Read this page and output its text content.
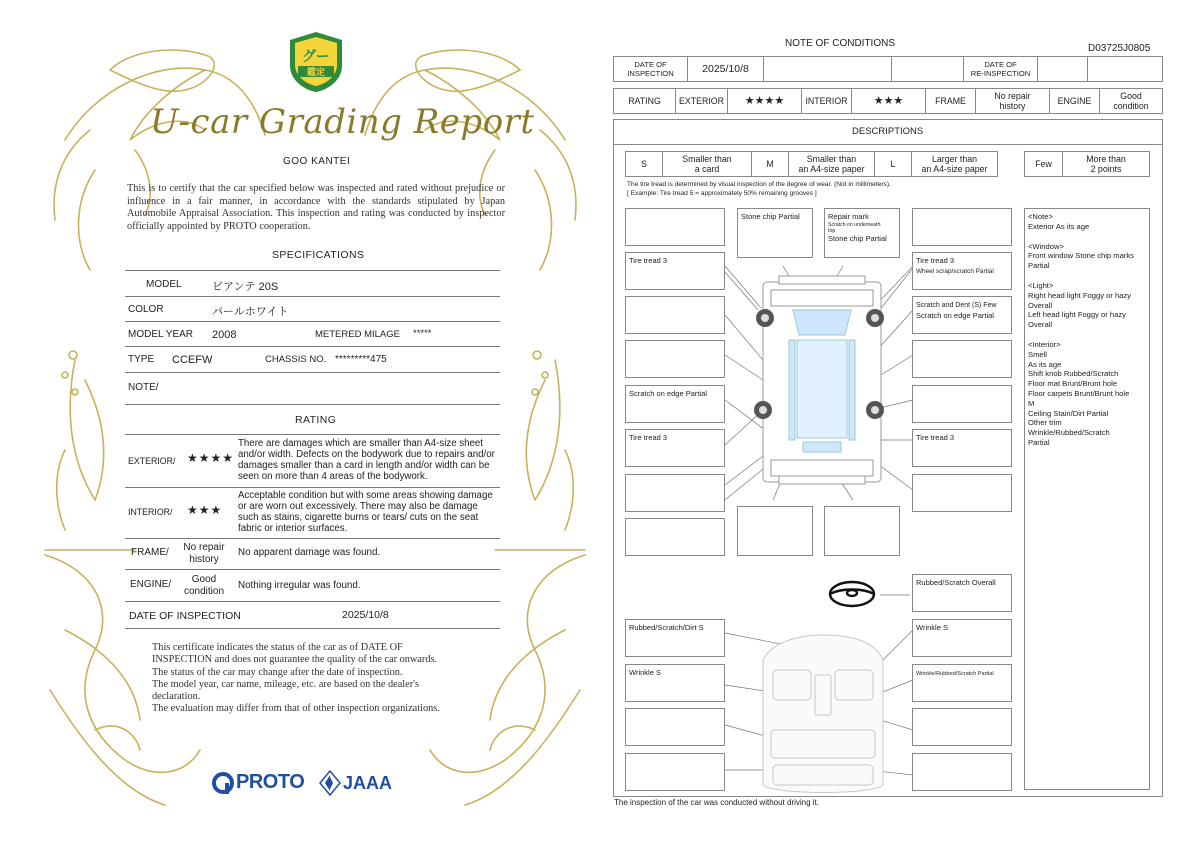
グー
鑑定
U-car Grading Report
GOO KANTEI
This is to certify that the car specified below was inspected and rated without prejudice or influence in a fair manner, in accordance with the standards stipulated by Japan Automobile Appraisal Association. This inspection and rating was conducted by inspector officially appointed by PROTO cooperation.
SPECIFICATIONS
MODEL	ビアンテ 20S
COLOR	パールホワイト
MODEL YEAR 2008	METERED MILAGE *****
TYPE CCEFW	CHASSIS NO. *********475
NOTE/
RATING
EXTERIOR/ ★★★★
There are damages which are smaller than A4-size sheet and/or width. Defects on the bodywork due to repairs and/or damages smaller than a card in length and/or width can be seen on more than 4 areas of the bodywork.
INTERIOR/ ★★★
Acceptable condition but with some areas showing damage or are worn out excessively. There may also be damage such as stains, cigarette burns or tears/ cuts on the seat fabric or interior surfaces.
FRAME/ No repair
history
No apparent damage was found.
ENGINE/	Good
condition
Nothing irregular was found.
DATE OF INSPECTION	2025/10/8
This certificate indicates the status of the car as of DATE OF
INSPECTION and does not guarantee the quality of the car onwards.
The status of the car may change after the date of inspection.
The model year, car name, mileage, etc. are based on the dealer's
declaration.
The evaluation may differ from that of other inspection organizations.
PROTO JAAA
NOTE OF CONDITIONS	D03725J0805
DATE OF
INSPECTION	2025/10/8	DATE OF
RE-INSPECTION
RATING	EXTERIOR	★★★★	INTERIOR	★★★	FRAME	No repair
history	ENGINE	Good
condition
DESCRIPTIONS
S	Smaller than
a card	M	Smaller than
an A4-size paper	L	Larger than
an A4-size paper	Few	More than
2 points
The tire tread is determined by visual inspection of the degree of wear. (Not in millimeters).
[ Example: Tire tread 5 = approximately 50% remaining grooves ]
Tire tread 3
Scratch on edge Partial
Tire tread 3
Stone chip Partial	Repair mark
Scratch on underneath
top
Stone chip Partial
Tire tread 3
Wheel scrap/scratch Partial
Scratch and Dent (S) Few
Scratch on edge Partial
Tire tread 3
Rubbed/Scratch Overall
Rubbed/Scratch/Dirt S
Wrinkle S
Wrinkle S
Wrinkle/Rubbed/Scratch Partial

<Note>
Exterior As its age

<Window>
Front window Stone chip marks
Partial

<Light>
Right head light Foggy or hazy
Overall
Left head light Foggy or hazy
Overall

<Interior>
Smell
As its age
Shift knob Rubbed/Scratch
Floor mat Brunt/Brunt hole
Floor carpets Brunt/Brunt hole
M
Ceiling Stain/Dirt Partial
Other trim
Wrinkle/Rubbed/Scratch
Partial

The inspection of the car was conducted without driving it.
